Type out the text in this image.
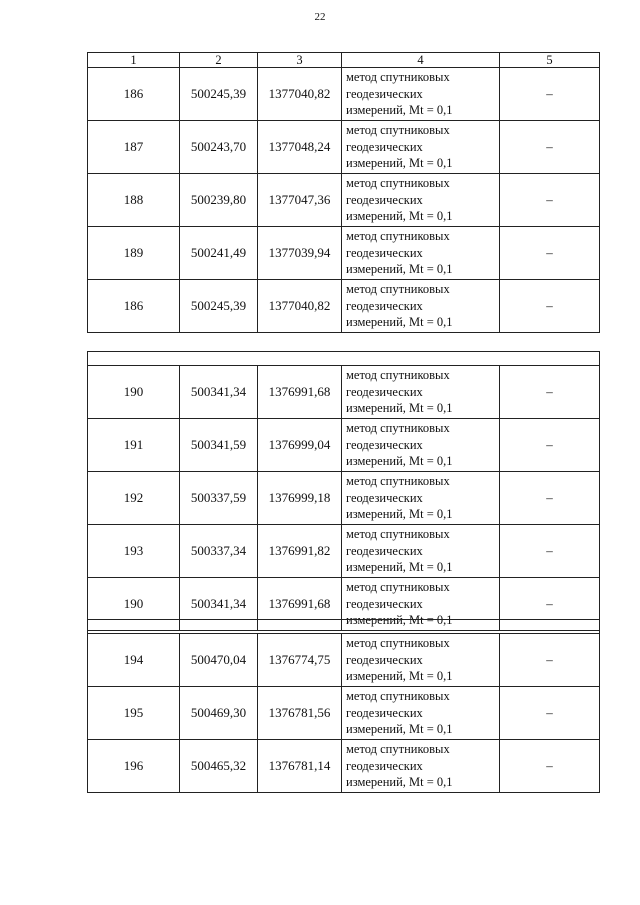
22
1	2	3	4	5
186	500245,39	1377040,82	метод спутниковых
геодезических
измерений, Mt = 0,1	–
187	500243,70	1377048,24	метод спутниковых
геодезических
измерений, Mt = 0,1	–
188	500239,80	1377047,36	метод спутниковых
геодезических
измерений, Mt = 0,1	–
189	500241,49	1377039,94	метод спутниковых
геодезических
измерений, Mt = 0,1	–
186	500245,39	1377040,82	метод спутниковых
геодезических
измерений, Mt = 0,1	–

190	500341,34	1376991,68	метод спутниковых
геодезических
измерений, Mt = 0,1	–
191	500341,59	1376999,04	метод спутниковых
геодезических
измерений, Mt = 0,1	–
192	500337,59	1376999,18	метод спутниковых
геодезических
измерений, Mt = 0,1	–
193	500337,34	1376991,82	метод спутниковых
геодезических
измерений, Mt = 0,1	–
190	500341,34	1376991,68	метод спутниковых
геодезических
измерений, Mt = 0,1	–

194	500470,04	1376774,75	метод спутниковых
геодезических
измерений, Mt = 0,1	–
195	500469,30	1376781,56	метод спутниковых
геодезических
измерений, Mt = 0,1	–
196	500465,32	1376781,14	метод спутниковых
геодезических
измерений, Mt = 0,1	–
